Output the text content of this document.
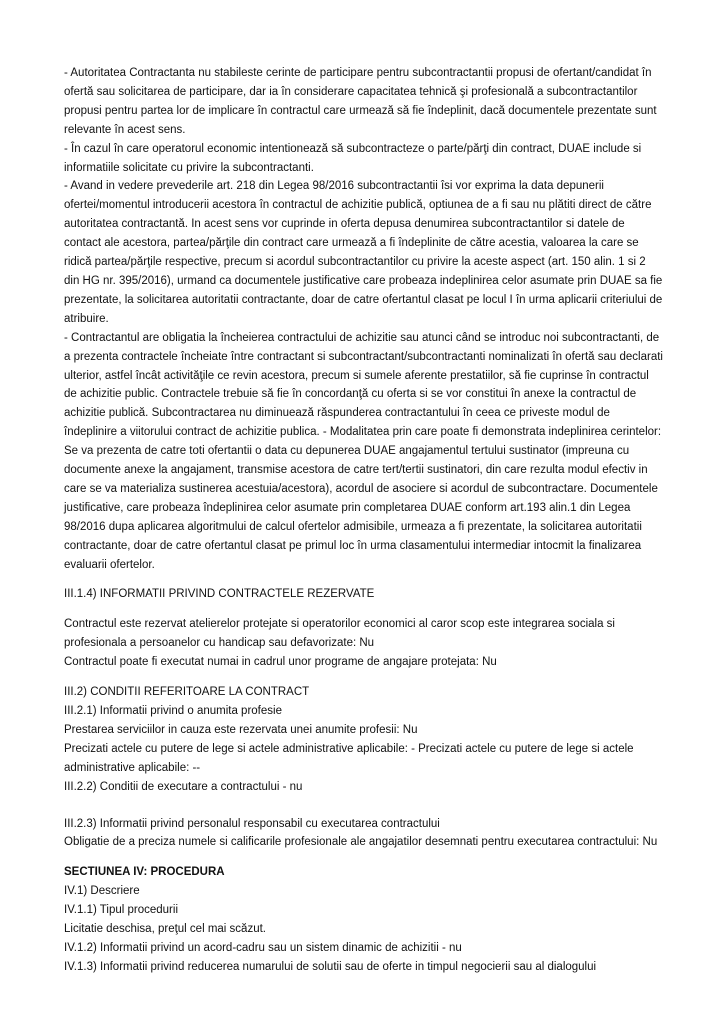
- Autoritatea Contractanta nu stabileste cerinte de participare pentru subcontractantii propusi de ofertant/candidat în ofertă sau solicitarea de participare, dar ia în considerare capacitatea tehnică şi profesională a subcontractantilor propusi pentru partea lor de implicare în contractul care urmează să fie îndeplinit, dacă documentele prezentate sunt relevante în acest sens.

- În cazul în care operatorul economic intentionează să subcontracteze o parte/părţi din contract, DUAE include si informatiile solicitate cu privire la subcontractanti.

- Avand in vedere prevederile art. 218 din Legea 98/2016 subcontractantii îsi vor exprima la data depunerii ofertei/momentul introducerii acestora în contractul de achizitie publică, optiunea de a fi sau nu plătiti direct de către autoritatea contractantă. In acest sens vor cuprinde in oferta depusa denumirea subcontractantilor si datele de contact ale acestora, partea/părţile din contract care urmează a fi îndeplinite de către acestia, valoarea la care se ridică partea/părţile respective, precum si acordul subcontractantilor cu privire la aceste aspect (art. 150 alin. 1 si 2 din HG nr. 395/2016), urmand ca documentele justificative care probeaza indeplinirea celor asumate prin DUAE sa fie prezentate, la solicitarea autoritatii contractante, doar de catre ofertantul clasat pe locul I în urma aplicarii criteriului de atribuire.

- Contractantul are obligatia la încheierea contractului de achizitie sau atunci când se introduc noi subcontractanti, de a prezenta contractele încheiate între contractant si subcontractant/subcontractanti nominalizati în ofertă sau declarati ulterior, astfel încât activităţile ce revin acestora, precum si sumele aferente prestatiilor, să fie cuprinse în contractul de achizitie public. Contractele trebuie să fie în concordanţă cu oferta si se vor constitui în anexe la contractul de achizitie publică. Subcontractarea nu diminuează răspunderea contractantului în ceea ce priveste modul de îndeplinire a viitorului contract de achizitie publica. - Modalitatea prin care poate fi demonstrata indeplinirea cerintelor: Se va prezenta de catre toti ofertantii o data cu depunerea DUAE angajamentul tertului sustinator (impreuna cu documente anexe la angajament, transmise acestora de catre tert/tertii sustinatori, din care rezulta modul efectiv in care se va materializa sustinerea acestuia/acestora), acordul de asociere si acordul de subcontractare. Documentele justificative, care probeaza îndeplinirea celor asumate prin completarea DUAE conform art.193 alin.1 din Legea 98/2016 dupa aplicarea algoritmului de calcul ofertelor admisibile, urmeaza a fi prezentate, la solicitarea autoritatii contractante, doar de catre ofertantul clasat pe primul loc în urma clasamentului intermediar intocmit la finalizarea evaluarii ofertelor.

III.1.4) INFORMATII PRIVIND CONTRACTELE REZERVATE
Contractul este rezervat atelierelor protejate si operatorilor economici al caror scop este integrarea sociala si profesionala a persoanelor cu handicap sau defavorizate: Nu
Contractul poate fi executat numai in cadrul unor programe de angajare protejata: Nu
III.2) CONDITII REFERITOARE LA CONTRACT
III.2.1) Informatii privind o anumita profesie
Prestarea serviciilor in cauza este rezervata unei anumite profesii: Nu
Precizati actele cu putere de lege si actele administrative aplicabile: - Precizati actele cu putere de lege si actele administrative aplicabile: --
III.2.2) Conditii de executare a contractului - nu
III.2.3) Informatii privind personalul responsabil cu executarea contractului
Obligatie de a preciza numele si calificarile profesionale ale angajatilor desemnati pentru executarea contractului: Nu
SECTIUNEA IV: PROCEDURA
IV.1) Descriere
IV.1.1) Tipul procedurii
Licitatie deschisa, preţul cel mai scăzut.
IV.1.2) Informatii privind un acord-cadru sau un sistem dinamic de achizitii - nu
IV.1.3) Informatii privind reducerea numarului de solutii sau de oferte in timpul negocierii sau al dialogului
